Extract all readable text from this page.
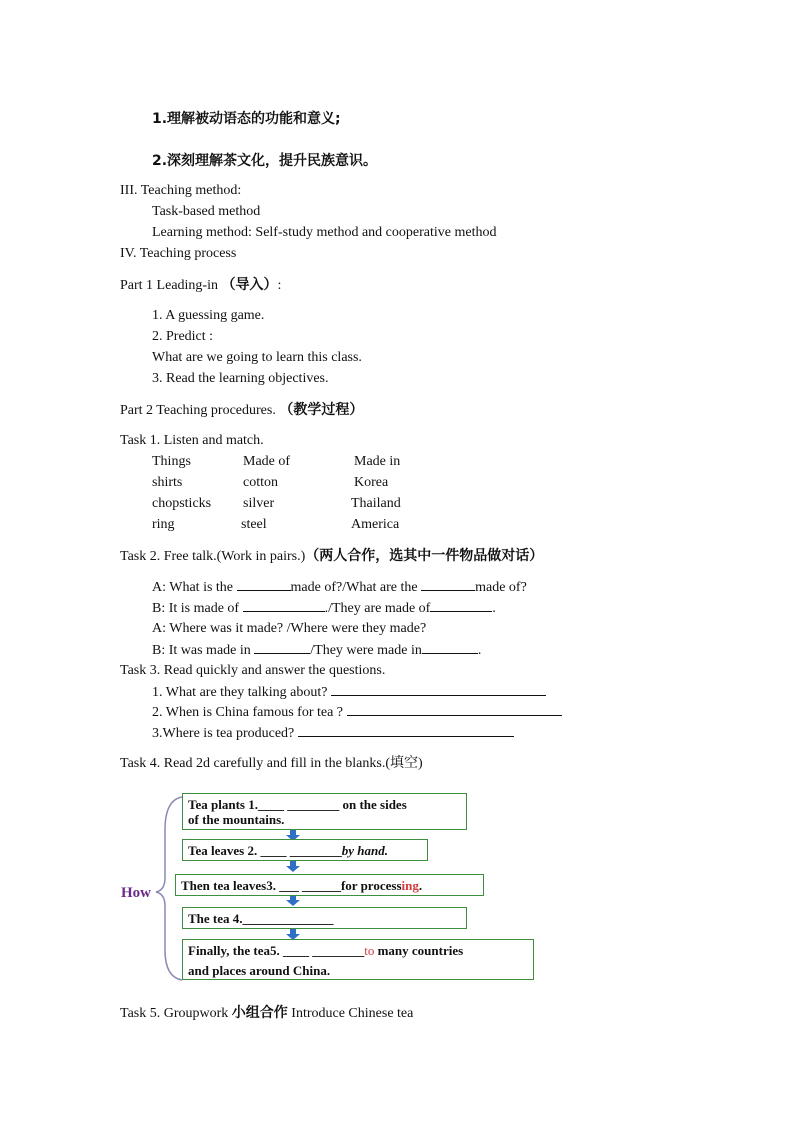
1.理解被动语态的功能和意义;
2.深刻理解茶文化，提升民族意识。
III. Teaching method:
Task-based method
Learning method: Self-study method and cooperative method
IV. Teaching process
Part 1 Leading-in （导入）:
1. A guessing game.
2. Predict :
What are we going to learn this class.
3. Read the learning objectives.
Part 2 Teaching procedures. （教学过程）
Task 1. Listen and match.
Things	Made of	Made in
shirts	cotton	Korea
chopsticks silver	Thailand
ring	steel	America
Task 2. Free talk.(Work in pairs.)（两人合作，选其中一件物品做对话）
A: What is the	made of?/What are the	made of?
B: It is made of	./They are made of	.
A: Where was it made? /Where were they made?
B: It was made in	/They were made in	.
Task 3. Read quickly and answer the questions.
1. What are they talking about?
2. When is China famous for tea ?
3.Where is tea produced?
Task 4. Read 2d carefully and fill in the blanks.(填空)
How
Tea plants 1.____ ________ on the sides
of the mountains.
Tea leaves 2. ____ ________by hand.
Then tea leaves3. ___ ______for processing.
The tea 4.______________
Finally, the tea5. ____ ________to many countries
and places around China.
Task 5. Groupwork 小组合作 Introduce Chinese tea
